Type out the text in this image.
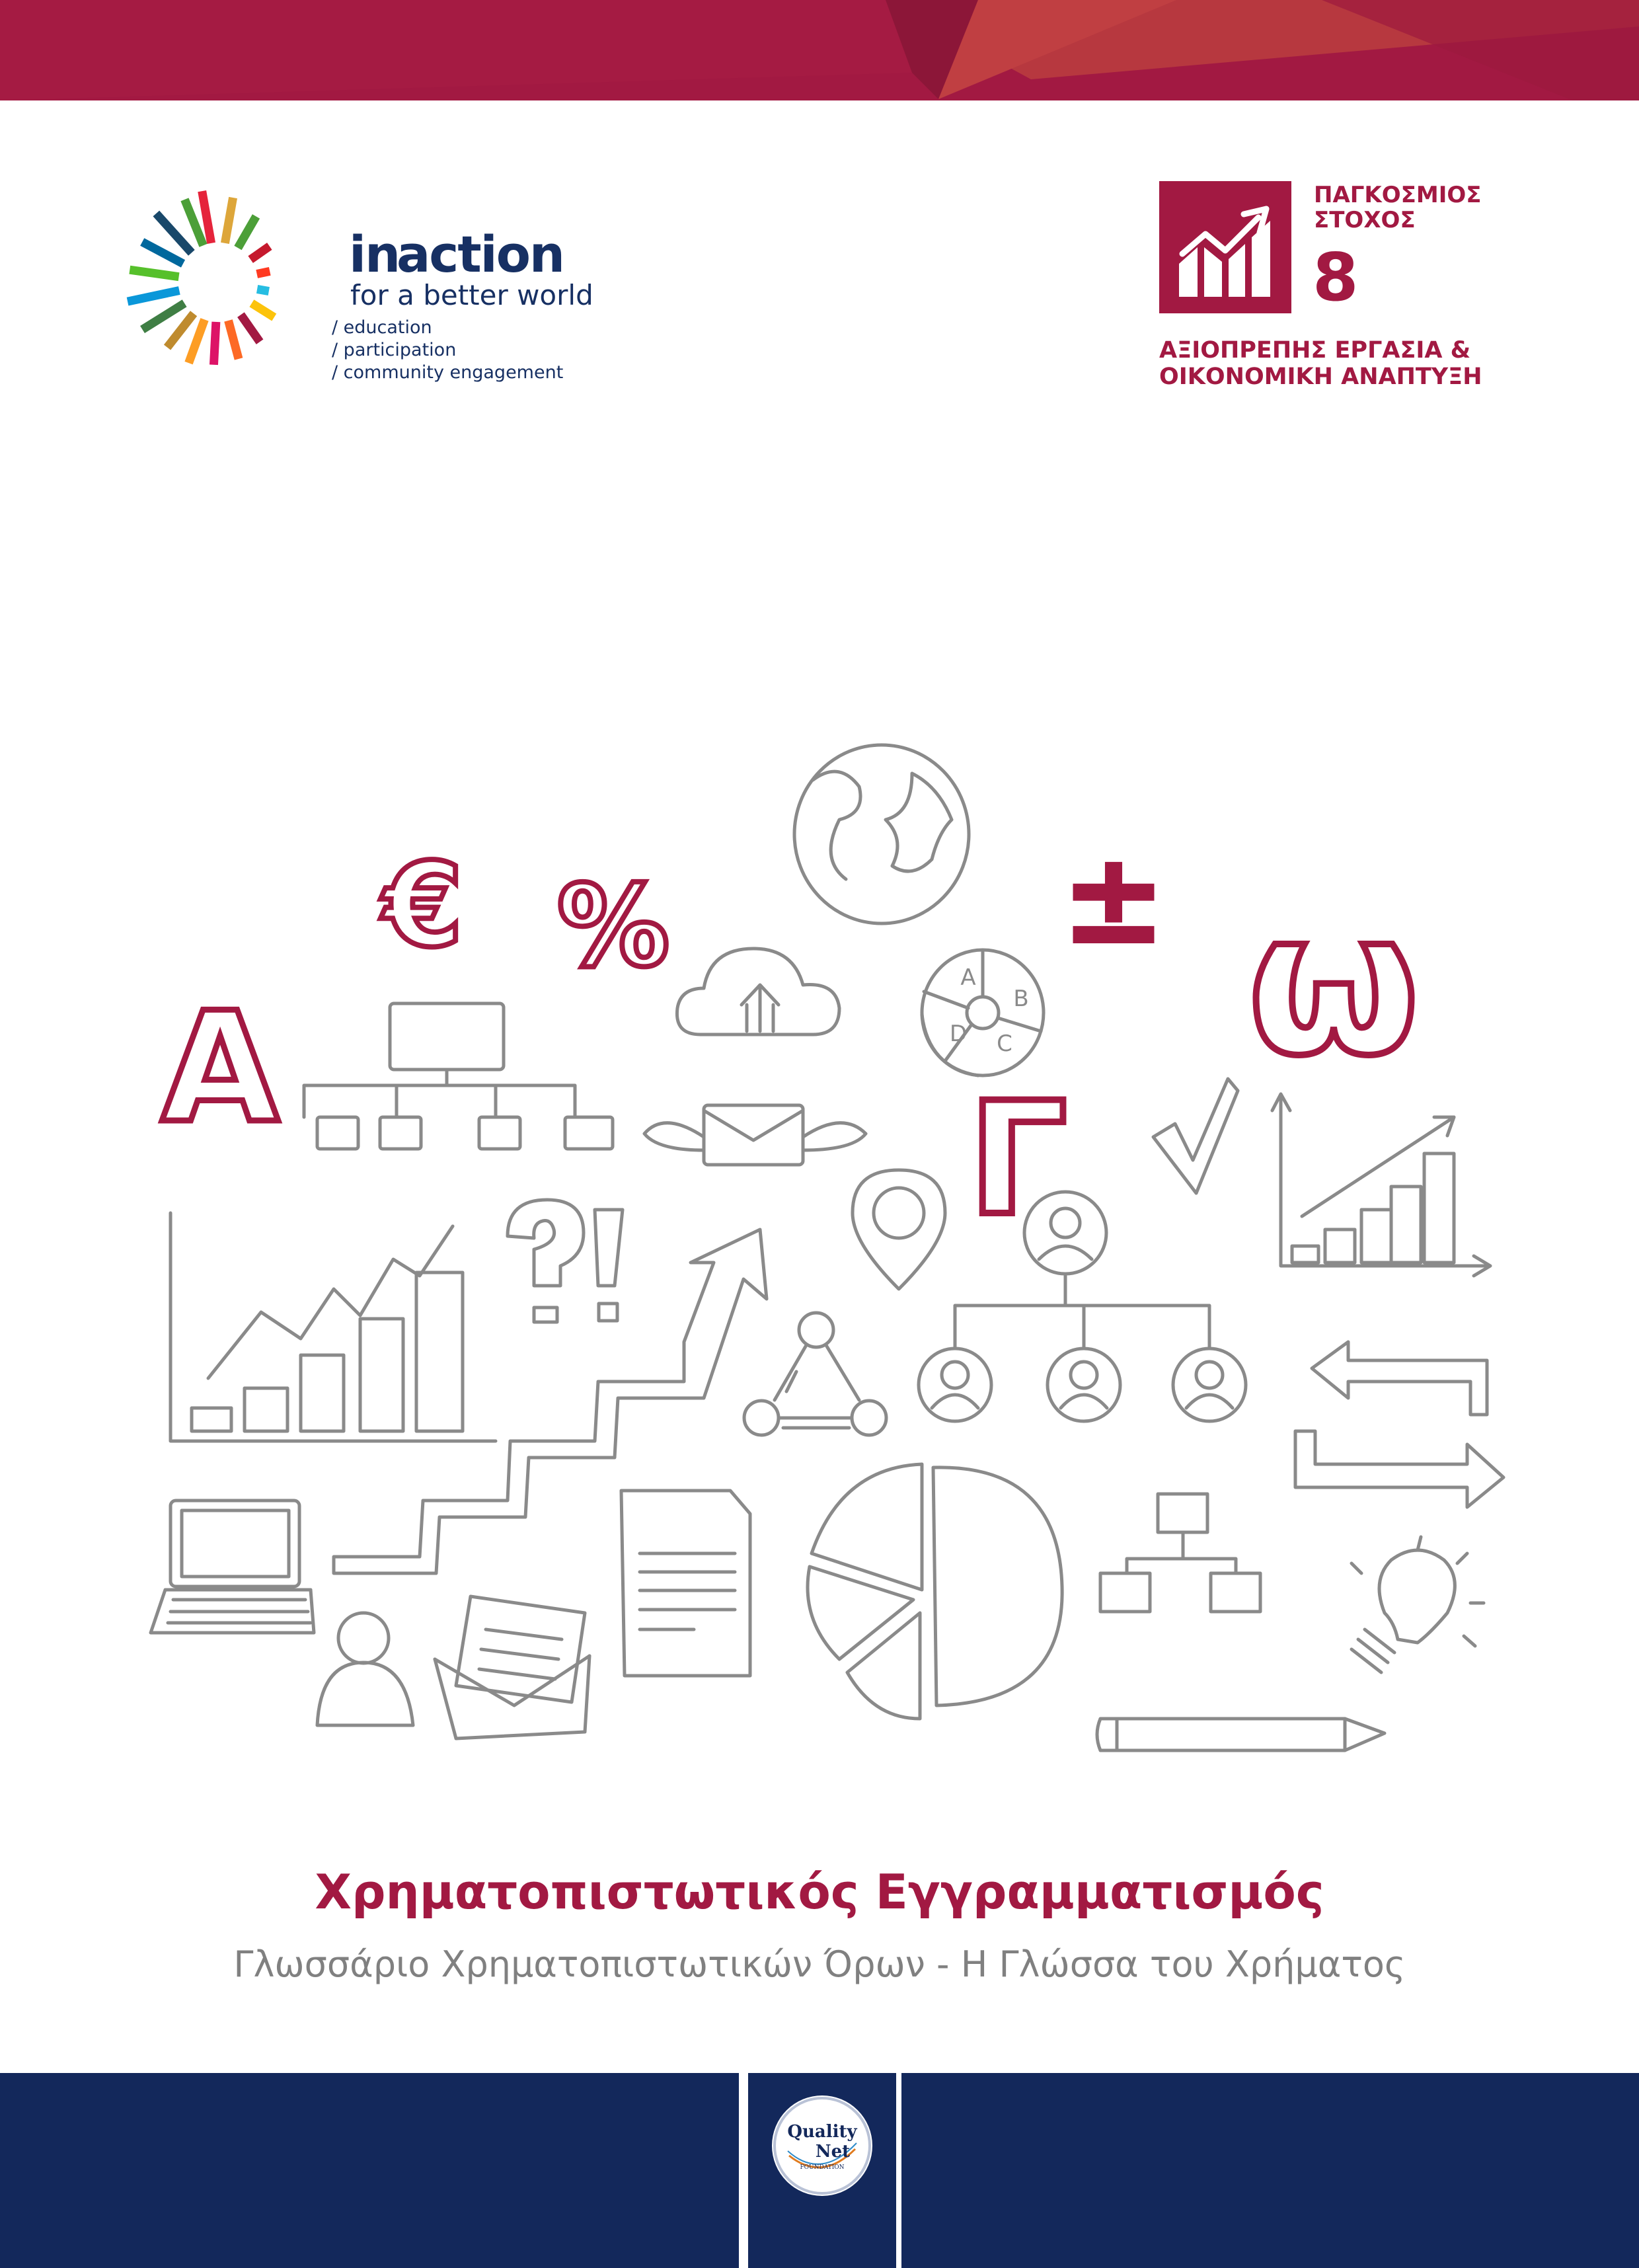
in
action
for a better world
/ education
/ participation
/ community engagement
ΠΑΓΚΟΣΜΙΟΣ
ΣΤΟΧΟΣ
8
ΑΞΙΟΠΡΕΠΗΣ ΕΡΓΑΣΙΑ &
ΟΙΚΟΝΟΜΙΚΗ ΑΝΑΠΤΥΞΗ
A
€ %	± ω
Γ
A
B
C
D
Χρηματοπιστωτικός Εγγραμματισμός
Γλωσσάριο Χρηματοπιστωτικών Όρων - Η Γλώσσα του Χρήματος
Quality
Net
FOUNDATION
